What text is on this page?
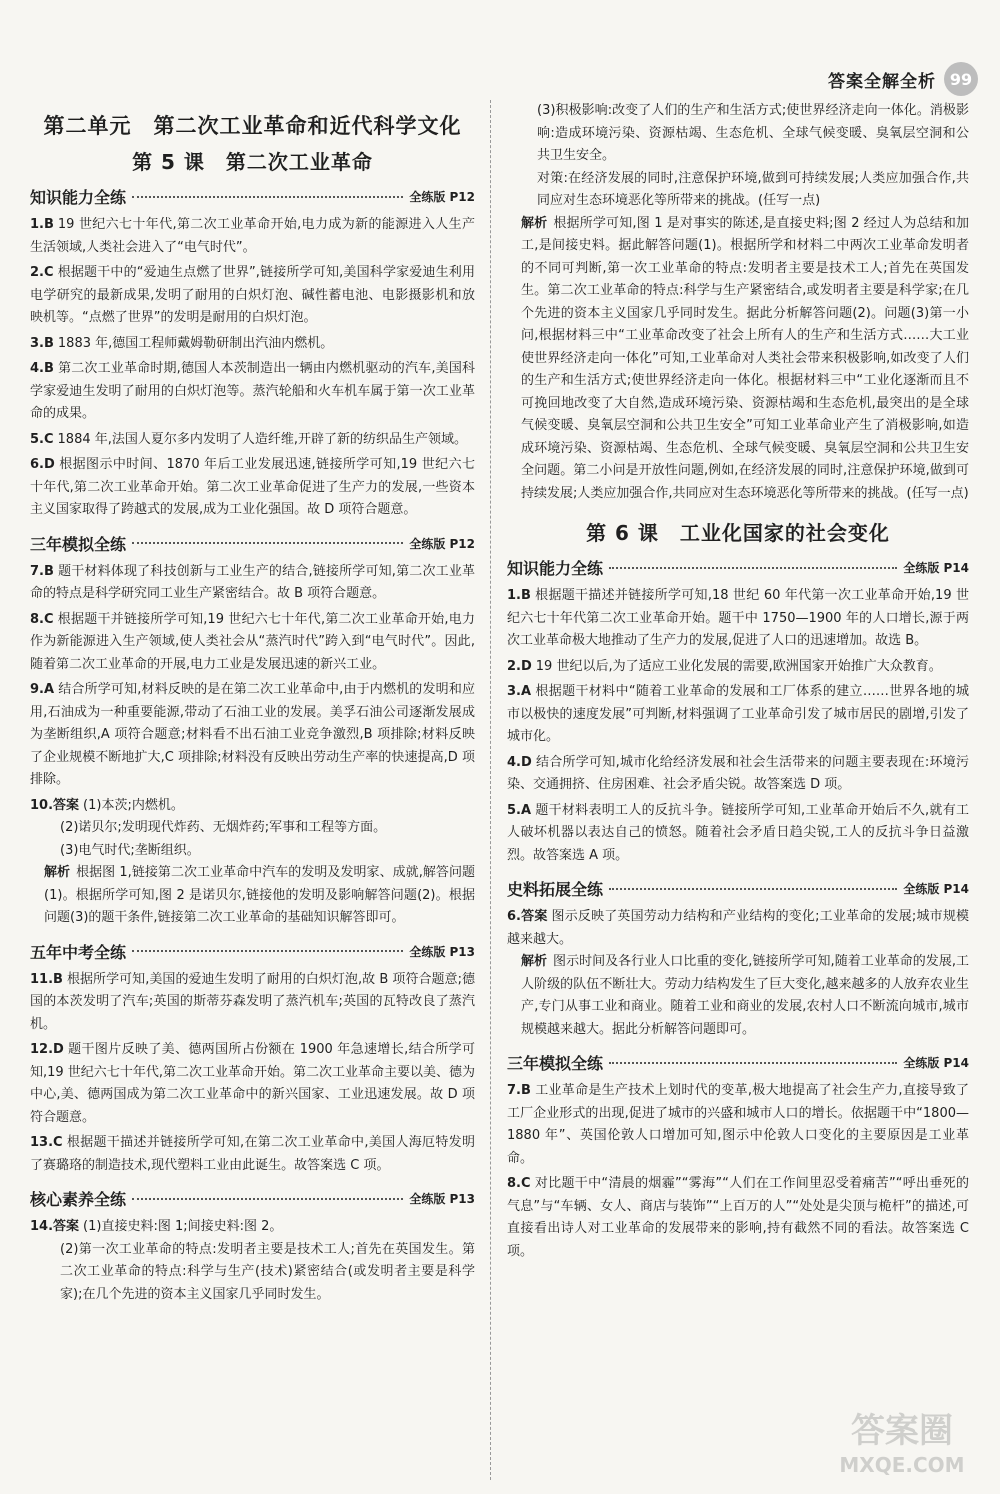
答案全解全析 99
第二单元　第二次工业革命和近代科学文化
第 5 课　第二次工业革命
知识能力全练	全练版 P12

1.B 19 世纪六七十年代,第二次工业革命开始,电力成为新的能源进入人生产生活领域,人类社会进入了“电气时代”。

2.C 根据题干中的“爱迪生点燃了世界”,链接所学可知,美国科学家爱迪生利用电学研究的最新成果,发明了耐用的白炽灯泡、碱性蓄电池、电影摄影机和放映机等。“点燃了世界”的发明是耐用的白炽灯泡。

3.B 1883 年,德国工程师戴姆勒研制出汽油内燃机。

4.B 第二次工业革命时期,德国人本茨制造出一辆由内燃机驱动的汽车,美国科学家爱迪生发明了耐用的白炽灯泡等。蒸汽轮船和火车机车属于第一次工业革命的成果。

5.C 1884 年,法国人夏尔多内发明了人造纤维,开辟了新的纺织品生产领域。

6.D 根据图示中时间、1870 年后工业发展迅速,链接所学可知,19 世纪六七十年代,第二次工业革命开始。第二次工业革命促进了生产力的发展,一些资本主义国家取得了跨越式的发展,成为工业化强国。故 D 项符合题意。

三年模拟全练	全练版 P12

7.B 题干材料体现了科技创新与工业生产的结合,链接所学可知,第二次工业革命的特点是科学研究同工业生产紧密结合。故 B 项符合题意。

8.C 根据题干并链接所学可知,19 世纪六七十年代,第二次工业革命开始,电力作为新能源进入生产领域,使人类社会从“蒸汽时代”跨入到“电气时代”。因此,随着第二次工业革命的开展,电力工业是发展迅速的新兴工业。

9.A 结合所学可知,材料反映的是在第二次工业革命中,由于内燃机的发明和应用,石油成为一种重要能源,带动了石油工业的发展。美孚石油公司逐渐发展成为垄断组织,A 项符合题意;材料看不出石油工业竞争激烈,B 项排除;材料反映了企业规模不断地扩大,C 项排除;材料没有反映出劳动生产率的快速提高,D 项排除。

10.答案 (1)本茨;内燃机。

(2)诺贝尔;发明现代炸药、无烟炸药;军事和工程等方面。

(3)电气时代;垄断组织。

解析 根据图 1,链接第二次工业革命中汽车的发明及发明家、成就,解答问题(1)。根据所学可知,图 2 是诺贝尔,链接他的发明及影响解答问题(2)。根据问题(3)的题干条件,链接第二次工业革命的基础知识解答即可。

五年中考全练	全练版 P13

11.B 根据所学可知,美国的爱迪生发明了耐用的白炽灯泡,故 B 项符合题意;德国的本茨发明了汽车;英国的斯蒂芬森发明了蒸汽机车;英国的瓦特改良了蒸汽机。

12.D 题干图片反映了美、德两国所占份额在 1900 年急速增长,结合所学可知,19 世纪六七十年代,第二次工业革命开始。第二次工业革命主要以美、德为中心,美、德两国成为第二次工业革命中的新兴国家、工业迅速发展。故 D 项符合题意。

13.C 根据题干描述并链接所学可知,在第二次工业革命中,美国人海厄特发明了赛璐珞的制造技术,现代塑料工业由此诞生。故答案选 C 项。

核心素养全练	全练版 P13

14.答案 (1)直接史料:图 1;间接史料:图 2。

(2)第一次工业革命的特点:发明者主要是技术工人;首先在英国发生。第二次工业革命的特点:科学与生产(技术)紧密结合(或发明者主要是科学家);在几个先进的资本主义国家几乎同时发生。

(3)积极影响:改变了人们的生产和生活方式;使世界经济走向一体化。消极影响:造成环境污染、资源枯竭、生态危机、全球气候变暖、臭氧层空洞和公共卫生安全。

对策:在经济发展的同时,注意保护环境,做到可持续发展;人类应加强合作,共同应对生态环境恶化等所带来的挑战。(任写一点)

解析 根据所学可知,图 1 是对事实的陈述,是直接史料;图 2 经过人为总结和加工,是间接史料。据此解答问题(1)。根据所学和材料二中两次工业革命发明者的不同可判断,第一次工业革命的特点:发明者主要是技术工人;首先在英国发生。第二次工业革命的特点:科学与生产紧密结合,或发明者主要是科学家;在几个先进的资本主义国家几乎同时发生。据此分析解答问题(2)。问题(3)第一小问,根据材料三中“工业革命改变了社会上所有人的生产和生活方式……大工业使世界经济走向一体化”可知,工业革命对人类社会带来积极影响,如改变了人们的生产和生活方式;使世界经济走向一体化。根据材料三中“工业化逐渐而且不可挽回地改变了大自然,造成环境污染、资源枯竭和生态危机,最突出的是全球气候变暖、臭氧层空洞和公共卫生安全”可知工业革命业产生了消极影响,如造成环境污染、资源枯竭、生态危机、全球气候变暖、臭氧层空洞和公共卫生安全问题。第二小问是开放性问题,例如,在经济发展的同时,注意保护环境,做到可持续发展;人类应加强合作,共同应对生态环境恶化等所带来的挑战。(任写一点)

第 6 课　工业化国家的社会变化
知识能力全练	全练版 P14

1.B 根据题干描述并链接所学可知,18 世纪 60 年代第一次工业革命开始,19 世纪六七十年代第二次工业革命开始。题干中 1750—1900 年的人口增长,源于两次工业革命极大地推动了生产力的发展,促进了人口的迅速增加。故选 B。

2.D 19 世纪以后,为了适应工业化发展的需要,欧洲国家开始推广大众教育。

3.A 根据题干材料中“随着工业革命的发展和工厂体系的建立……世界各地的城市以极快的速度发展”可判断,材料强调了工业革命引发了城市居民的剧增,引发了城市化。

4.D 结合所学可知,城市化给经济发展和社会生活带来的问题主要表现在:环境污染、交通拥挤、住房困难、社会矛盾尖锐。故答案选 D 项。

5.A 题干材料表明工人的反抗斗争。链接所学可知,工业革命开始后不久,就有工人破坏机器以表达自己的愤怒。随着社会矛盾日趋尖锐,工人的反抗斗争日益激烈。故答案选 A 项。

史料拓展全练	全练版 P14

6.答案 图示反映了英国劳动力结构和产业结构的变化;工业革命的发展;城市规模越来越大。

解析 图示时间及各行业人口比重的变化,链接所学可知,随着工业革命的发展,工人阶级的队伍不断壮大。劳动力结构发生了巨大变化,越来越多的人放弃农业生产,专门从事工业和商业。随着工业和商业的发展,农村人口不断流向城市,城市规模越来越大。据此分析解答问题即可。

三年模拟全练	全练版 P14

7.B 工业革命是生产技术上划时代的变革,极大地提高了社会生产力,直接导致了工厂企业形式的出现,促进了城市的兴盛和城市人口的增长。依据题干中“1800—1880 年”、英国伦敦人口增加可知,图示中伦敦人口变化的主要原因是工业革命。

8.C 对比题干中“清晨的烟霾”“雾海”“人们在工作间里忍受着痛苦”“呼出垂死的气息”与“车辆、女人、商店与装饰”“上百万的人”“处处是尖顶与桅杆”的描述,可直接看出诗人对工业革命的发展带来的影响,持有截然不同的看法。故答案选 C 项。

答案圈
MXQE.COM
